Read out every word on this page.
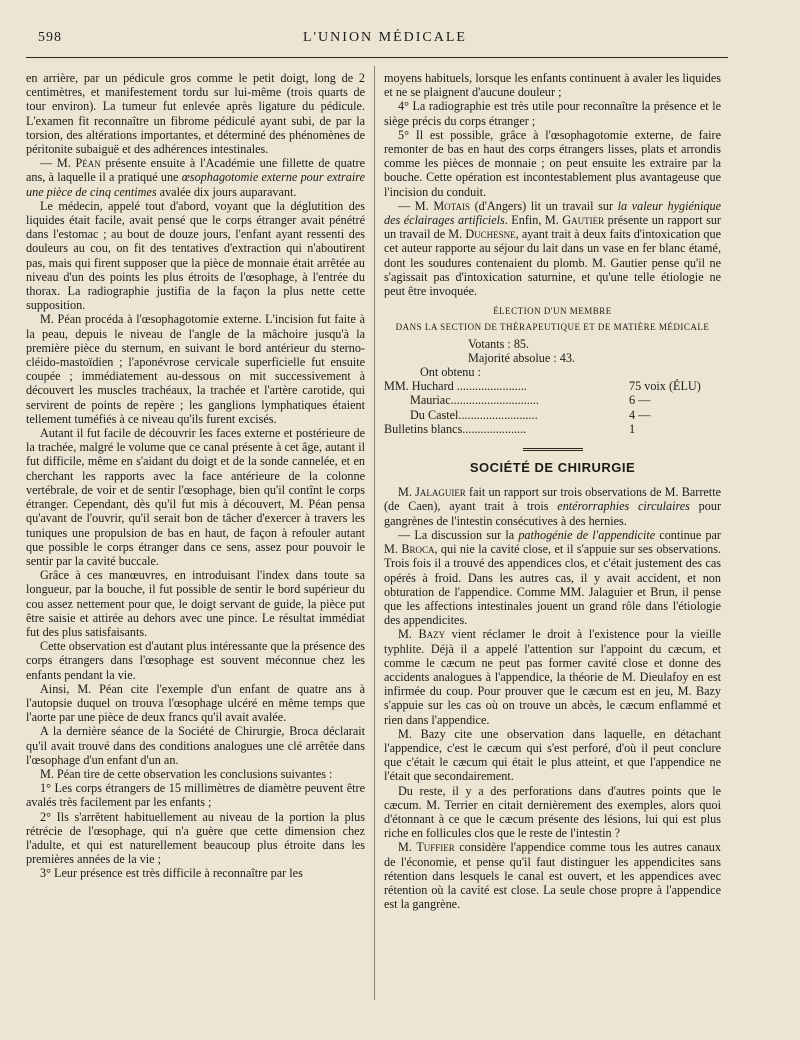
598	L'UNION MÉDICALE

en arrière, par un pédicule gros comme le petit doigt, long de 2 centimètres, et manifestement tordu sur lui-même (trois quarts de tour environ). La tumeur fut enlevée après ligature du pédicule. L'examen fit reconnaître un fibrome pédiculé ayant subi, de par la torsion, des altérations importantes, et déterminé des phénomènes de péritonite subaiguë et des adhérences intestinales.

— M. Péan présente ensuite à l'Académie une fillette de quatre ans, à laquelle il a pratiqué une œsophagotomie externe pour extraire une pièce de cinq centimes avalée dix jours auparavant.

Le médecin, appelé tout d'abord, voyant que la déglutition des liquides était facile, avait pensé que le corps étranger avait pénétré dans l'estomac ; au bout de douze jours, l'enfant ayant ressenti des douleurs au cou, on fit des tentatives d'extraction qui n'aboutirent pas, mais qui firent supposer que la pièce de monnaie était arrêtée au niveau d'un des points les plus étroits de l'œsophage, à l'entrée du thorax. La radiographie justifia de la façon la plus nette cette supposition.

M. Péan procéda à l'œsophagotomie externe. L'incision fut faite à la peau, depuis le niveau de l'angle de la mâchoire jusqu'à la première pièce du sternum, en suivant le bord antérieur du sterno-cléido-mastoïdien ; l'aponévrose cervicale superficielle fut ensuite coupée ; immédiatement au-dessous on mit successivement à découvert les muscles trachéaux, la trachée et l'artère carotide, qui servirent de points de repère ; les ganglions lymphatiques étaient tellement tuméfiés à ce niveau qu'ils furent excisés.

Autant il fut facile de découvrir les faces externe et postérieure de la trachée, malgré le volume que ce canal présente à cet âge, autant il fut difficile, même en s'aidant du doigt et de la sonde cannelée, et en cherchant les rapports avec la face antérieure de la colonne vertébrale, de voir et de sentir l'œsophage, bien qu'il contînt le corps étranger. Cependant, dès qu'il fut mis à découvert, M. Péan pensa qu'avant de l'ouvrir, qu'il serait bon de tâcher d'exercer à travers les tuniques une propulsion de bas en haut, de façon à refouler autant que possible le corps étranger dans ce sens, assez pour pouvoir le sentir par la cavité buccale.

Grâce à ces manœuvres, en introduisant l'index dans toute sa longueur, par la bouche, il fut possible de sentir le bord supérieur du cou assez nettement pour que, le doigt servant de guide, la pièce put être saisie et attirée au dehors avec une pince. Le résultat immédiat fut des plus satisfaisants.

Cette observation est d'autant plus intéressante que la présence des corps étrangers dans l'œsophage est souvent méconnue chez les enfants pendant la vie.

Ainsi, M. Péan cite l'exemple d'un enfant de quatre ans à l'autopsie duquel on trouva l'œsophage ulcéré en même temps que l'aorte par une pièce de deux francs qu'il avait avalée.

A la dernière séance de la Société de Chirurgie, Broca déclarait qu'il avait trouvé dans des conditions analogues une clé arrêtée dans l'œsophage d'un enfant d'un an.

M. Péan tire de cette observation les conclusions suivantes :

1° Les corps étrangers de 15 millimètres de diamètre peuvent être avalés très facilement par les enfants ;

2° Ils s'arrêtent habituellement au niveau de la portion la plus rétrécie de l'œsophage, qui n'a guère que cette dimension chez l'adulte, et qui est naturellement beaucoup plus étroite dans les premières années de la vie ;

3° Leur présence est très difficile à reconnaître par les

moyens habituels, lorsque les enfants continuent à avaler les liquides et ne se plaignent d'aucune douleur ;

4° La radiographie est très utile pour reconnaître la présence et le siège précis du corps étranger ;

5° Il est possible, grâce à l'œsophagotomie externe, de faire remonter de bas en haut des corps étrangers lisses, plats et arrondis comme les pièces de monnaie ; on peut ensuite les extraire par la bouche. Cette opération est incontestablement plus avantageuse que l'incision du conduit.

— M. Motais (d'Angers) lit un travail sur la valeur hygiénique des éclairages artificiels. Enfin, M. Gautier présente un rapport sur un travail de M. Duchesne, ayant trait à deux faits d'intoxication que cet auteur rapporte au séjour du lait dans un vase en fer blanc étamé, dont les soudures contenaient du plomb. M. Gautier pense qu'il ne s'agissait pas d'intoxication saturnine, et qu'une telle étiologie ne peut être invoquée.

ÉLECTION D'UN MEMBRE

DANS LA SECTION DE THÉRAPEUTIQUE ET DE MATIÈRE MÉDICALE

Votants : 85.

Majorité absolue : 43.

Ont obtenu :

MM. Huchard .......................	75 voix (ÉLU)
Mauriac.............................	6 —
Du Castel..........................	4 —
Bulletins blancs.....................	1
SOCIÉTÉ DE CHIRURGIE

M. Jalaguier fait un rapport sur trois observations de M. Barrette (de Caen), ayant trait à trois entérorraphies circulaires pour gangrènes de l'intestin consécutives à des hernies.

— La discussion sur la pathogénie de l'appendicite continue par M. Broca, qui nie la cavité close, et il s'appuie sur ses observations. Trois fois il a trouvé des appendices clos, et c'était justement des cas opérés à froid. Dans les autres cas, il y avait accident, et non obturation de l'appendice. Comme MM. Jalaguier et Brun, il pense que les affections intestinales jouent un grand rôle dans l'étiologie des appendicites.

M. Bazy vient réclamer le droit à l'existence pour la vieille typhlite. Déjà il a appelé l'attention sur l'appoint du cæcum, et comme le cæcum ne peut pas former cavité close et donne des accidents analogues à l'appendice, la théorie de M. Dieulafoy en est infirmée du coup. Pour prouver que le cæcum est en jeu, M. Bazy s'appuie sur les cas où on trouve un abcès, le cæcum enflammé et rien dans l'appendice.

M. Bazy cite une observation dans laquelle, en détachant l'appendice, c'est le cæcum qui s'est perforé, d'où il peut conclure que c'était le cæcum qui était le plus atteint, et que l'appendice ne l'était que secondairement.

Du reste, il y a des perforations dans d'autres points que le cæcum. M. Terrier en citait dernièrement des exemples, alors quoi d'étonnant à ce que le cæcum présente des lésions, lui qui est plus riche en follicules clos que le reste de l'intestin ?

M. Tuffier considère l'appendice comme tous les autres canaux de l'économie, et pense qu'il faut distinguer les appendicites sans rétention dans lesquels le canal est ouvert, et les appendices avec rétention où la cavité est close. La seule chose propre à l'appendice est la gangrène.
